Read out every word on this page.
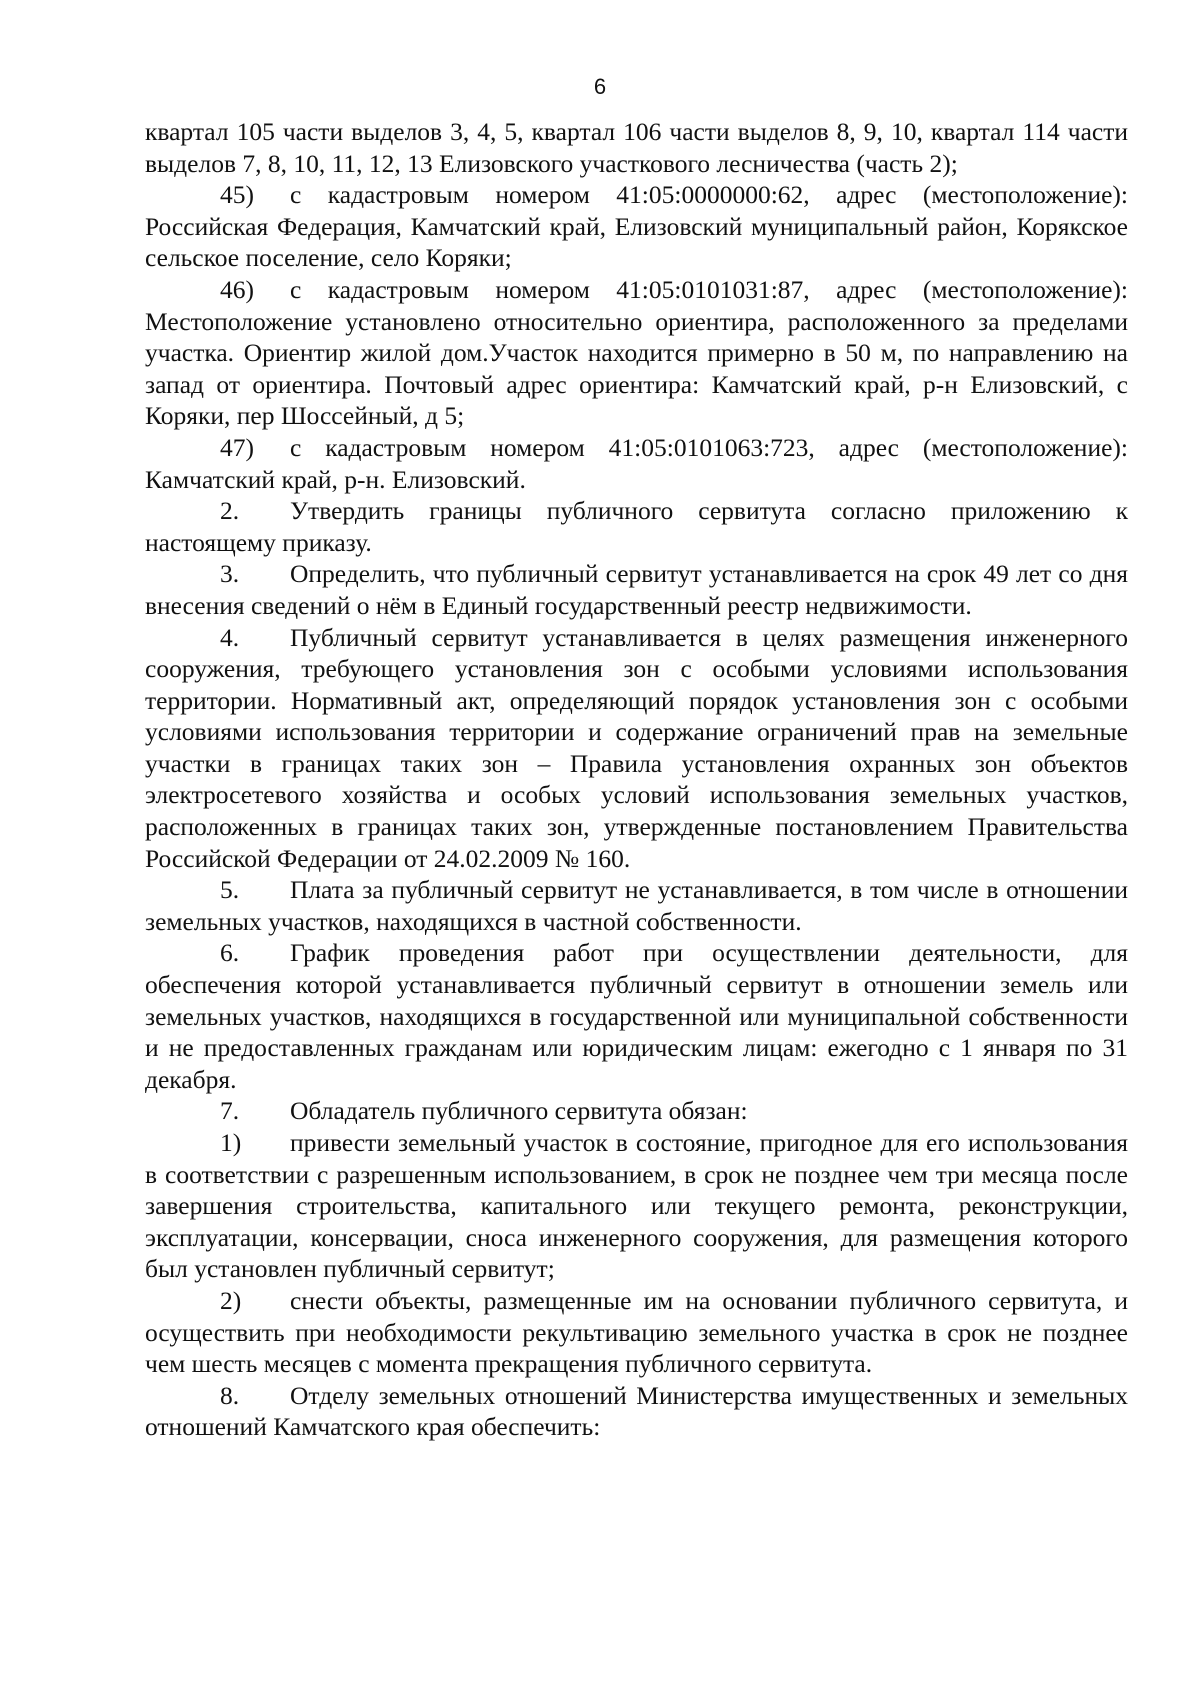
6

квартал 105 части выделов 3, 4, 5, квартал 106 части выделов 8, 9, 10, квартал 114 части выделов 7, 8, 10, 11, 12, 13 Елизовского участкового лесничества (часть 2);

45) с кадастровым номером 41:05:0000000:62, адрес (местоположение): Российская Федерация, Камчатский край, Елизовский муниципальный район, Корякское сельское поселение, село Коряки;

46) с кадастровым номером 41:05:0101031:87, адрес (местоположение): Местоположение установлено относительно ориентира, расположенного за пределами участка. Ориентир жилой дом.Участок находится примерно в 50 м, по направлению на запад от ориентира. Почтовый адрес ориентира: Камчатский край, р-н Елизовский, с Коряки, пер Шоссейный, д 5;

47) с кадастровым номером 41:05:0101063:723, адрес (местоположение): Камчатский край, р-н. Елизовский.

2. Утвердить границы публичного сервитута согласно приложению к настоящему приказу.

3. Определить, что публичный сервитут устанавливается на срок 49 лет со дня внесения сведений о нём в Единый государственный реестр недвижимости.

4. Публичный сервитут устанавливается в целях размещения инженерного сооружения, требующего установления зон с особыми условиями использования территории. Нормативный акт, определяющий порядок установления зон с особыми условиями использования территории и содержание ограничений прав на земельные участки в границах таких зон – Правила установления охранных зон объектов электросетевого хозяйства и особых условий использования земельных участков, расположенных в границах таких зон, утвержденные постановлением Правительства Российской Федерации от 24.02.2009 № 160.

5. Плата за публичный сервитут не устанавливается, в том числе в отношении земельных участков, находящихся в частной собственности.

6. График проведения работ при осуществлении деятельности, для обеспечения которой устанавливается публичный сервитут в отношении земель или земельных участков, находящихся в государственной или муниципальной собственности и не предоставленных гражданам или юридическим лицам: ежегодно с 1 января по 31 декабря.

7. Обладатель публичного сервитута обязан:

1) привести земельный участок в состояние, пригодное для его использования в соответствии с разрешенным использованием, в срок не позднее чем три месяца после завершения строительства, капитального или текущего ремонта, реконструкции, эксплуатации, консервации, сноса инженерного сооружения, для размещения которого был установлен публичный сервитут;

2) снести объекты, размещенные им на основании публичного сервитута, и осуществить при необходимости рекультивацию земельного участка в срок не позднее чем шесть месяцев с момента прекращения публичного сервитута.

8. Отделу земельных отношений Министерства имущественных и земельных отношений Камчатского края обеспечить:
